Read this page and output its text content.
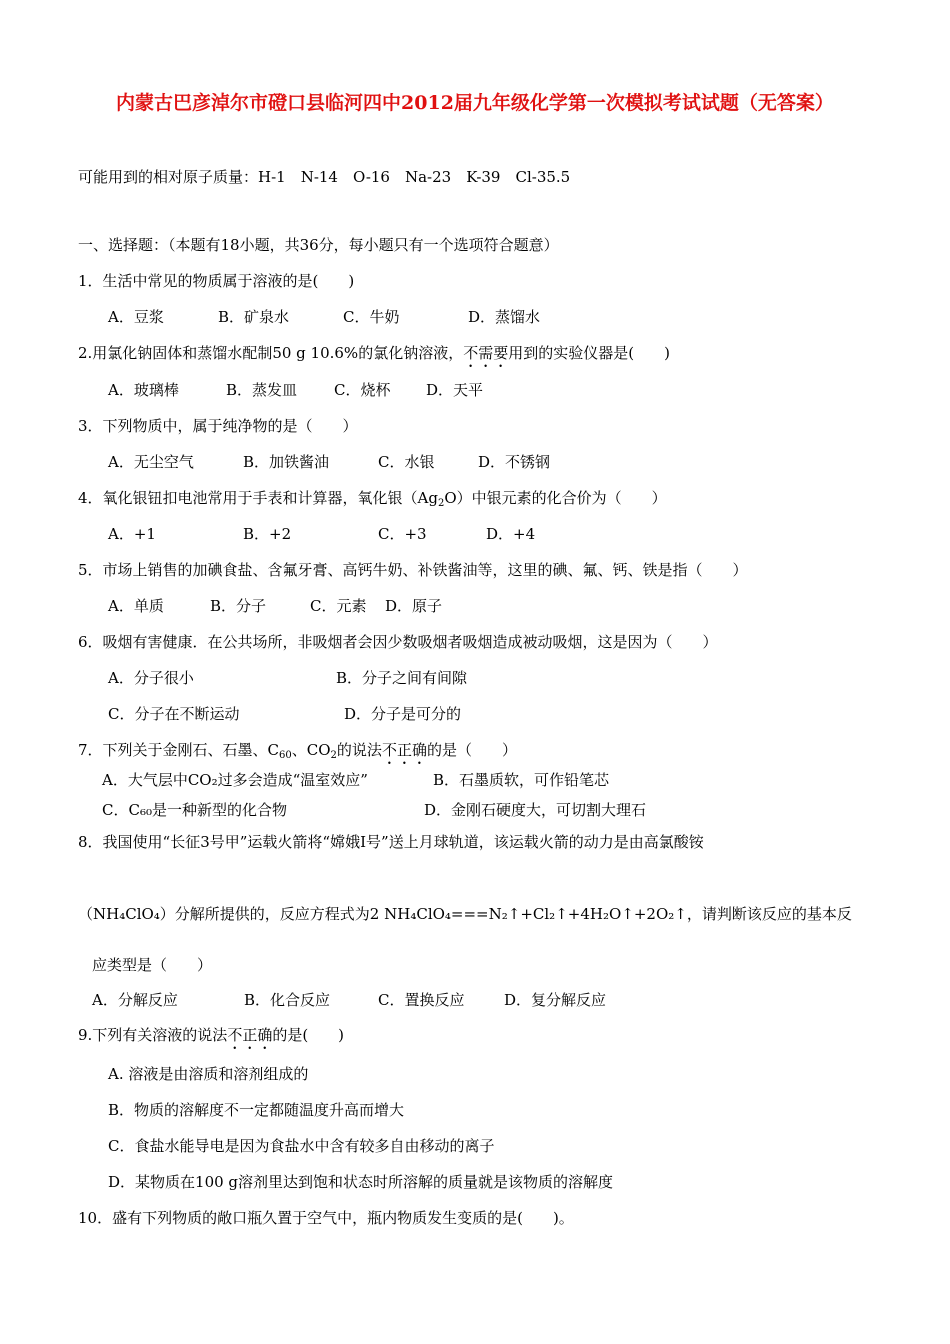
内蒙古巴彦淖尔市磴口县临河四中2012届九年级化学第一次模拟考试试题（无答案）
可能用到的相对原子质量：H-1　N-14　O-16　Na-23　K-39　Cl-35.5
一、选择题：（本题有18小题，共36分，每小题只有一个选项符合题意）
1．生活中常见的物质属于溶液的是(　　)
A．豆浆	B．矿泉水	C．牛奶	D．蒸馏水
2.用氯化钠固体和蒸馏水配制50 g 10.6%的氯化钠溶液，不需要用到的实验仪器是(　　)
A．玻璃棒	B．蒸发皿	C．烧杯	D．天平
3．下列物质中，属于纯净物的是（　　）
A．无尘空气	B．加铁酱油	C．水银	D．不锈钢
4．氧化银钮扣电池常用于手表和计算器，氧化银$(Ag_2O)$中银元素的化合价为（　　）
A．+1	B．+2	C．+3	D．+4
5．市场上销售的加碘食盐、含氟牙膏、高钙牛奶、补铁酱油等，这里的碘、氟、钙、铁是指（　　）
A．单质	B．分子	C．元素	D．原子
6．吸烟有害健康．在公共场所，非吸烟者会因少数吸烟者吸烟造成被动吸烟，这是因为（　　）
A．分子很小	B．分子之间有间隙
C．分子在不断运动	D．分子是可分的
7．下列关于金刚石、石墨、$C_{60}$、$CO_2$的说法不正确的是（　　）
A．大气层中CO₂过多会造成“温室效应”	B．石墨质软，可作铅笔芯
C．C₆₀是一种新型的化合物	D．金刚石硬度大，可切割大理石
8．我国使用“长征3号甲”运载火箭将“嫦娥Ⅰ号”送上月球轨道，该运载火箭的动力是由高氯酸铵
（NH₄ClO₄）分解所提供的，反应方程式为2 NH₄ClO₄===N₂↑+Cl₂↑+4H₂O↑+2O₂↑，请判断该反应的基本反
应类型是（　　）
A．分解反应	B．化合反应	C．置换反应	D．复分解反应
9.下列有关溶液的说法不正确的是(　　)
A. 溶液是由溶质和溶剂组成的
B．物质的溶解度不一定都随温度升高而增大
C．食盐水能导电是因为食盐水中含有较多自由移动的离子
D．某物质在100 g溶剂里达到饱和状态时所溶解的质量就是该物质的溶解度
10．盛有下列物质的敞口瓶久置于空气中，瓶内物质发生变质的是(　　)。
